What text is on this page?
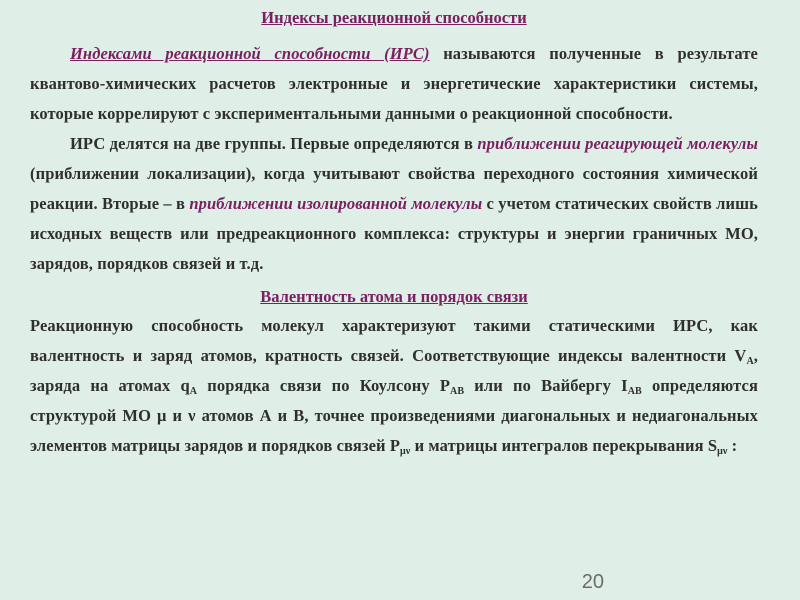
Индексы реакционной способности

Индексами реакционной способности (ИРС) называются полученные в результате квантово-химических расчетов электронные и энергетические характеристики системы, которые коррелируют с экспериментальными данными о реакционной способности.

ИРС делятся на две группы. Первые определяются в приближении реагирующей молекулы (приближении локализации), когда учитывают свойства переходного состояния химической реакции. Вторые – в приближении изолированной молекулы с учетом статических свойств лишь исходных веществ или предреакционного комплекса: структуры и энергии граничных МО, зарядов, порядков связей и т.д.

Валентность атома и порядок связи

Реакционную способность молекул характеризуют такими статическими ИРС, как валентность и заряд атомов, кратность связей. Соответствующие индексы валентности $V_A$, заряда на атомах $q_A$ порядка связи по Коулсону $P_{AB}$ или по Вайбергу $I_{AB}$ определяются структурой МО μ и ν атомов А и В, точнее произведениями диагональных и недиагональных элементов матрицы зарядов и порядков связей $P_{\mu\nu}$ и матрицы интегралов перекрывания $S_{\mu\nu}$ :

20
